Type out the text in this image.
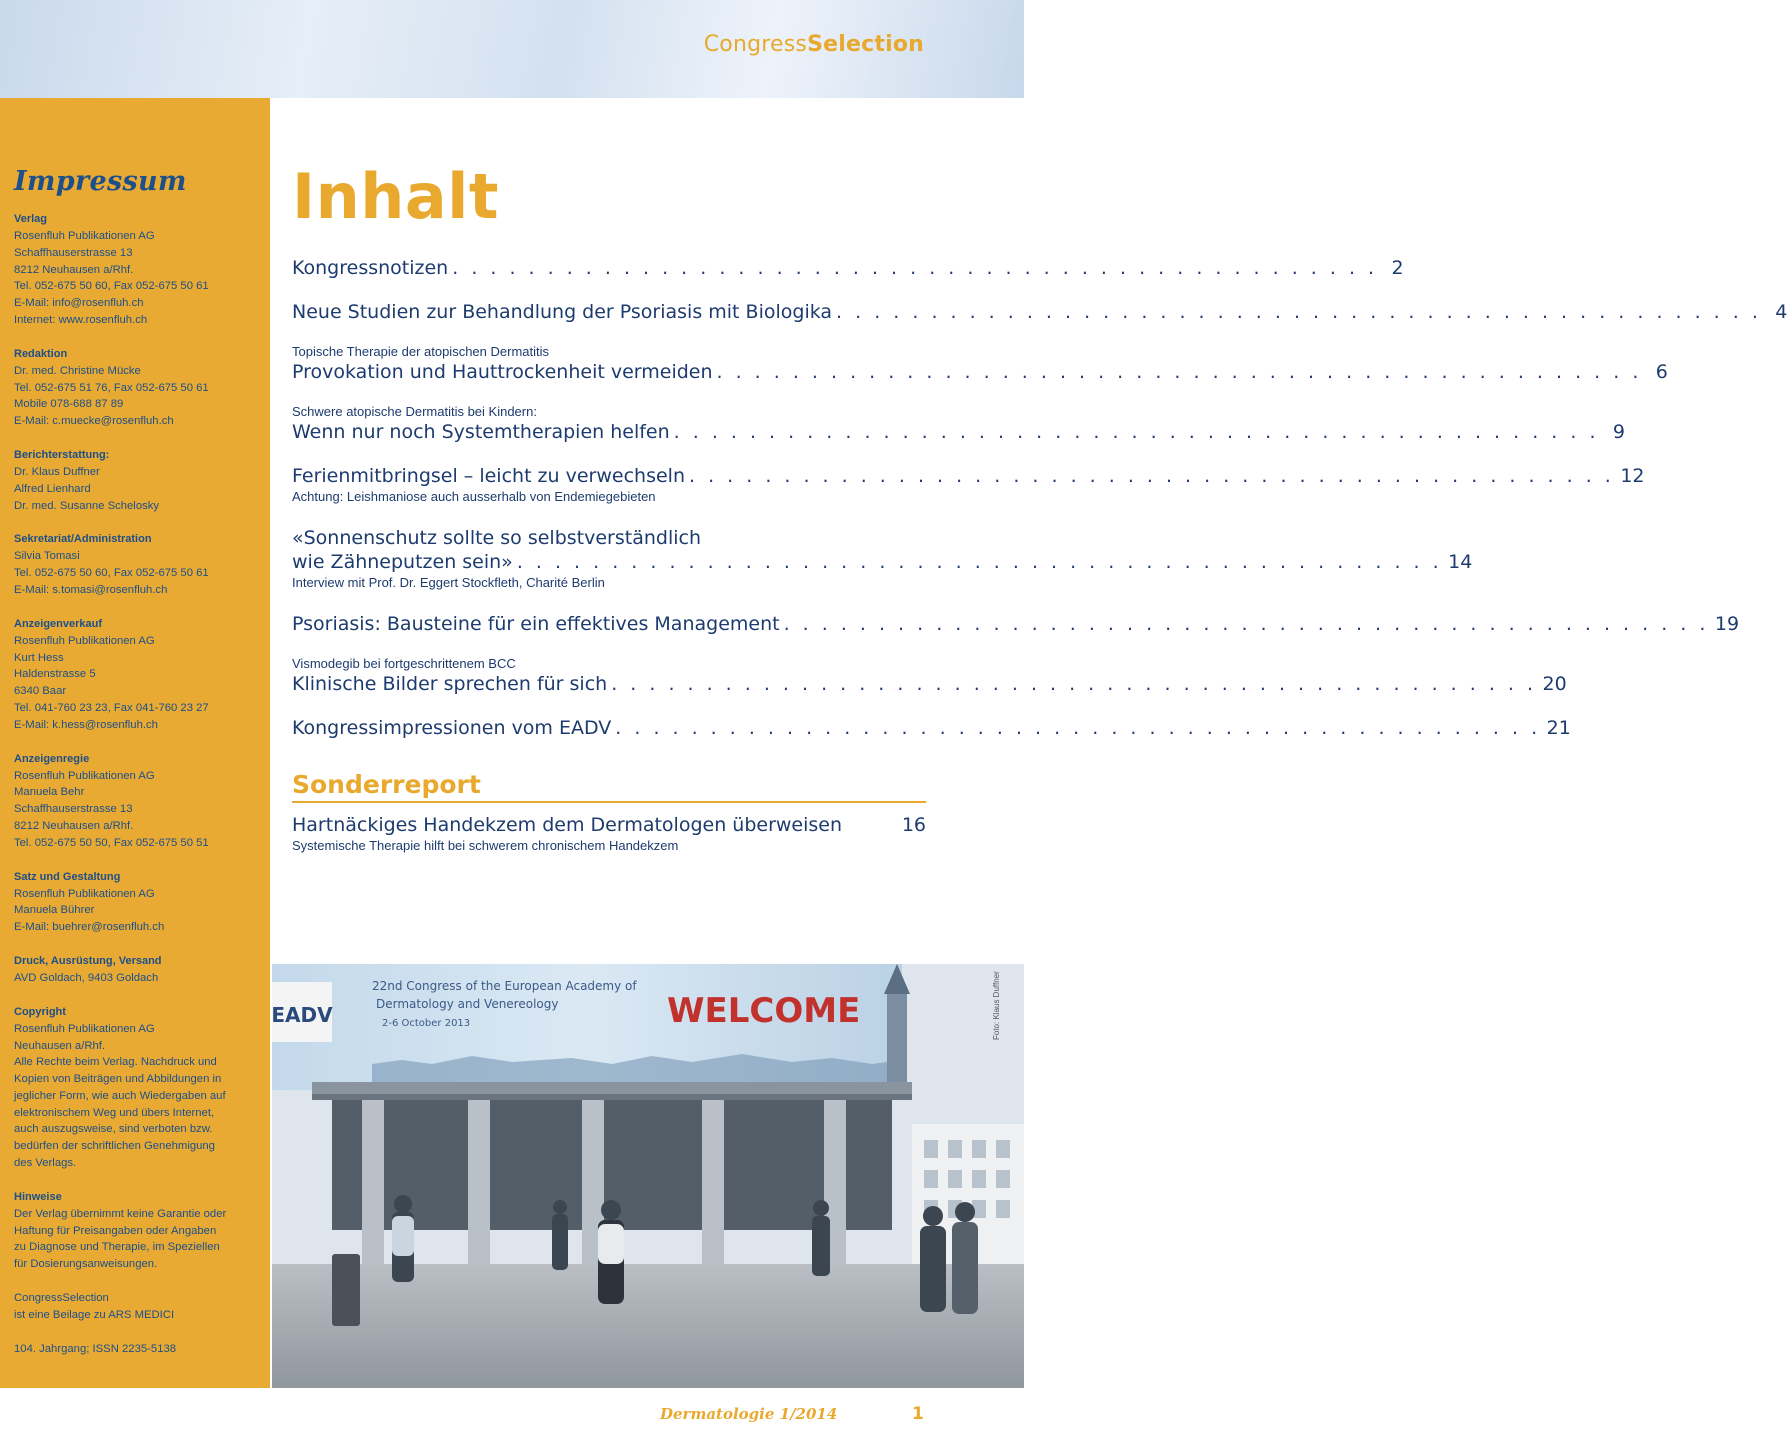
CongressSelection
Impressum
Verlag
Rosenfluh Publikationen AG
Schaffhauserstrasse 13
8212 Neuhausen a/Rhf.
Tel. 052-675 50 60, Fax 052-675 50 61
E-Mail: info@rosenfluh.ch
Internet: www.rosenfluh.ch
Redaktion
Dr. med. Christine Mücke
Tel. 052-675 51 76, Fax 052-675 50 61
Mobile 078-688 87 89
E-Mail: c.muecke@rosenfluh.ch
Berichterstattung:
Dr. Klaus Duffner
Alfred Lienhard
Dr. med. Susanne Schelosky
Sekretariat/Administration
Silvia Tomasi
Tel. 052-675 50 60, Fax 052-675 50 61
E-Mail: s.tomasi@rosenfluh.ch
Anzeigenverkauf
Rosenfluh Publikationen AG
Kurt Hess
Haldenstrasse 5
6340 Baar
Tel. 041-760 23 23, Fax 041-760 23 27
E-Mail: k.hess@rosenfluh.ch
Anzeigenregie
Rosenfluh Publikationen AG
Manuela Behr
Schaffhauserstrasse 13
8212 Neuhausen a/Rhf.
Tel. 052-675 50 50, Fax 052-675 50 51
Satz und Gestaltung
Rosenfluh Publikationen AG
Manuela Bührer
E-Mail: buehrer@rosenfluh.ch
Druck, Ausrüstung, Versand
AVD Goldach, 9403 Goldach
Copyright
Rosenfluh Publikationen AG
Neuhausen a/Rhf.
Alle Rechte beim Verlag. Nachdruck und
Kopien von Beiträgen und Abbildungen in
jeglicher Form, wie auch Wiedergaben auf
elektronischem Weg und übers Internet,
auch auszugsweise, sind verboten bzw.
bedürfen der schriftlichen Genehmigung
des Verlags.
Hinweise
Der Verlag übernimmt keine Garantie oder
Haftung für Preisangaben oder Angaben
zu Diagnose und Therapie, im Speziellen
für Dosierungsanweisungen.
CongressSelection
ist eine Beilage zu ARS MEDICI
104. Jahrgang; ISSN 2235-5138
Inhalt
Kongressnotizen . . . . . . . . . . . . . . . . . . . . . . . . . . . . . . . . . . . . . . . . . . . . . . . . . 2
Neue Studien zur Behandlung der Psoriasis mit Biologika . . . . . . . . . . . . . . . . . . . . . . . . . . . . . . . . . . . . . . . . . . . . . . . . . 4
Topische Therapie der atopischen Dermatitis
Provokation und Hauttrockenheit vermeiden . . . . . . . . . . . . . . . . . . . . . . . . . . . . . . . . . . . . . . . . . . . . . . . . . 6
Schwere atopische Dermatitis bei Kindern:
Wenn nur noch Systemtherapien helfen . . . . . . . . . . . . . . . . . . . . . . . . . . . . . . . . . . . . . . . . . . . . . . . . . 9
Ferienmitbringsel – leicht zu verwechseln . . . . . . . . . . . . . . . . . . . . . . . . . . . . . . . . . . . . . . . . . . . . . . . . . 12
Achtung: Leishmaniose auch ausserhalb von Endemiegebieten
«Sonnenschutz sollte so selbstverständlich
wie Zähneputzen sein» . . . . . . . . . . . . . . . . . . . . . . . . . . . . . . . . . . . . . . . . . . . . . . . . . 14
Interview mit Prof. Dr. Eggert Stockfleth, Charité Berlin
Psoriasis: Bausteine für ein effektives Management . . . . . . . . . . . . . . . . . . . . . . . . . . . . . . . . . . . . . . . . . . . . . . . . . 19
Vismodegib bei fortgeschrittenem BCC
Klinische Bilder sprechen für sich . . . . . . . . . . . . . . . . . . . . . . . . . . . . . . . . . . . . . . . . . . . . . . . . . 20
Kongressimpressionen vom EADV . . . . . . . . . . . . . . . . . . . . . . . . . . . . . . . . . . . . . . . . . . . . . . . . . 21
Sonderreport
Hartnäckiges Handekzem dem Dermatologen überweisen	16
Systemische Therapie hilft bei schwerem chronischem Handekzem
EADV
22nd Congress of the European Academy of
Dermatology and Venereology
2-6 October 2013	WELCOME	Foto: Klaus Duffner
Dermatologie 1/2014	1
